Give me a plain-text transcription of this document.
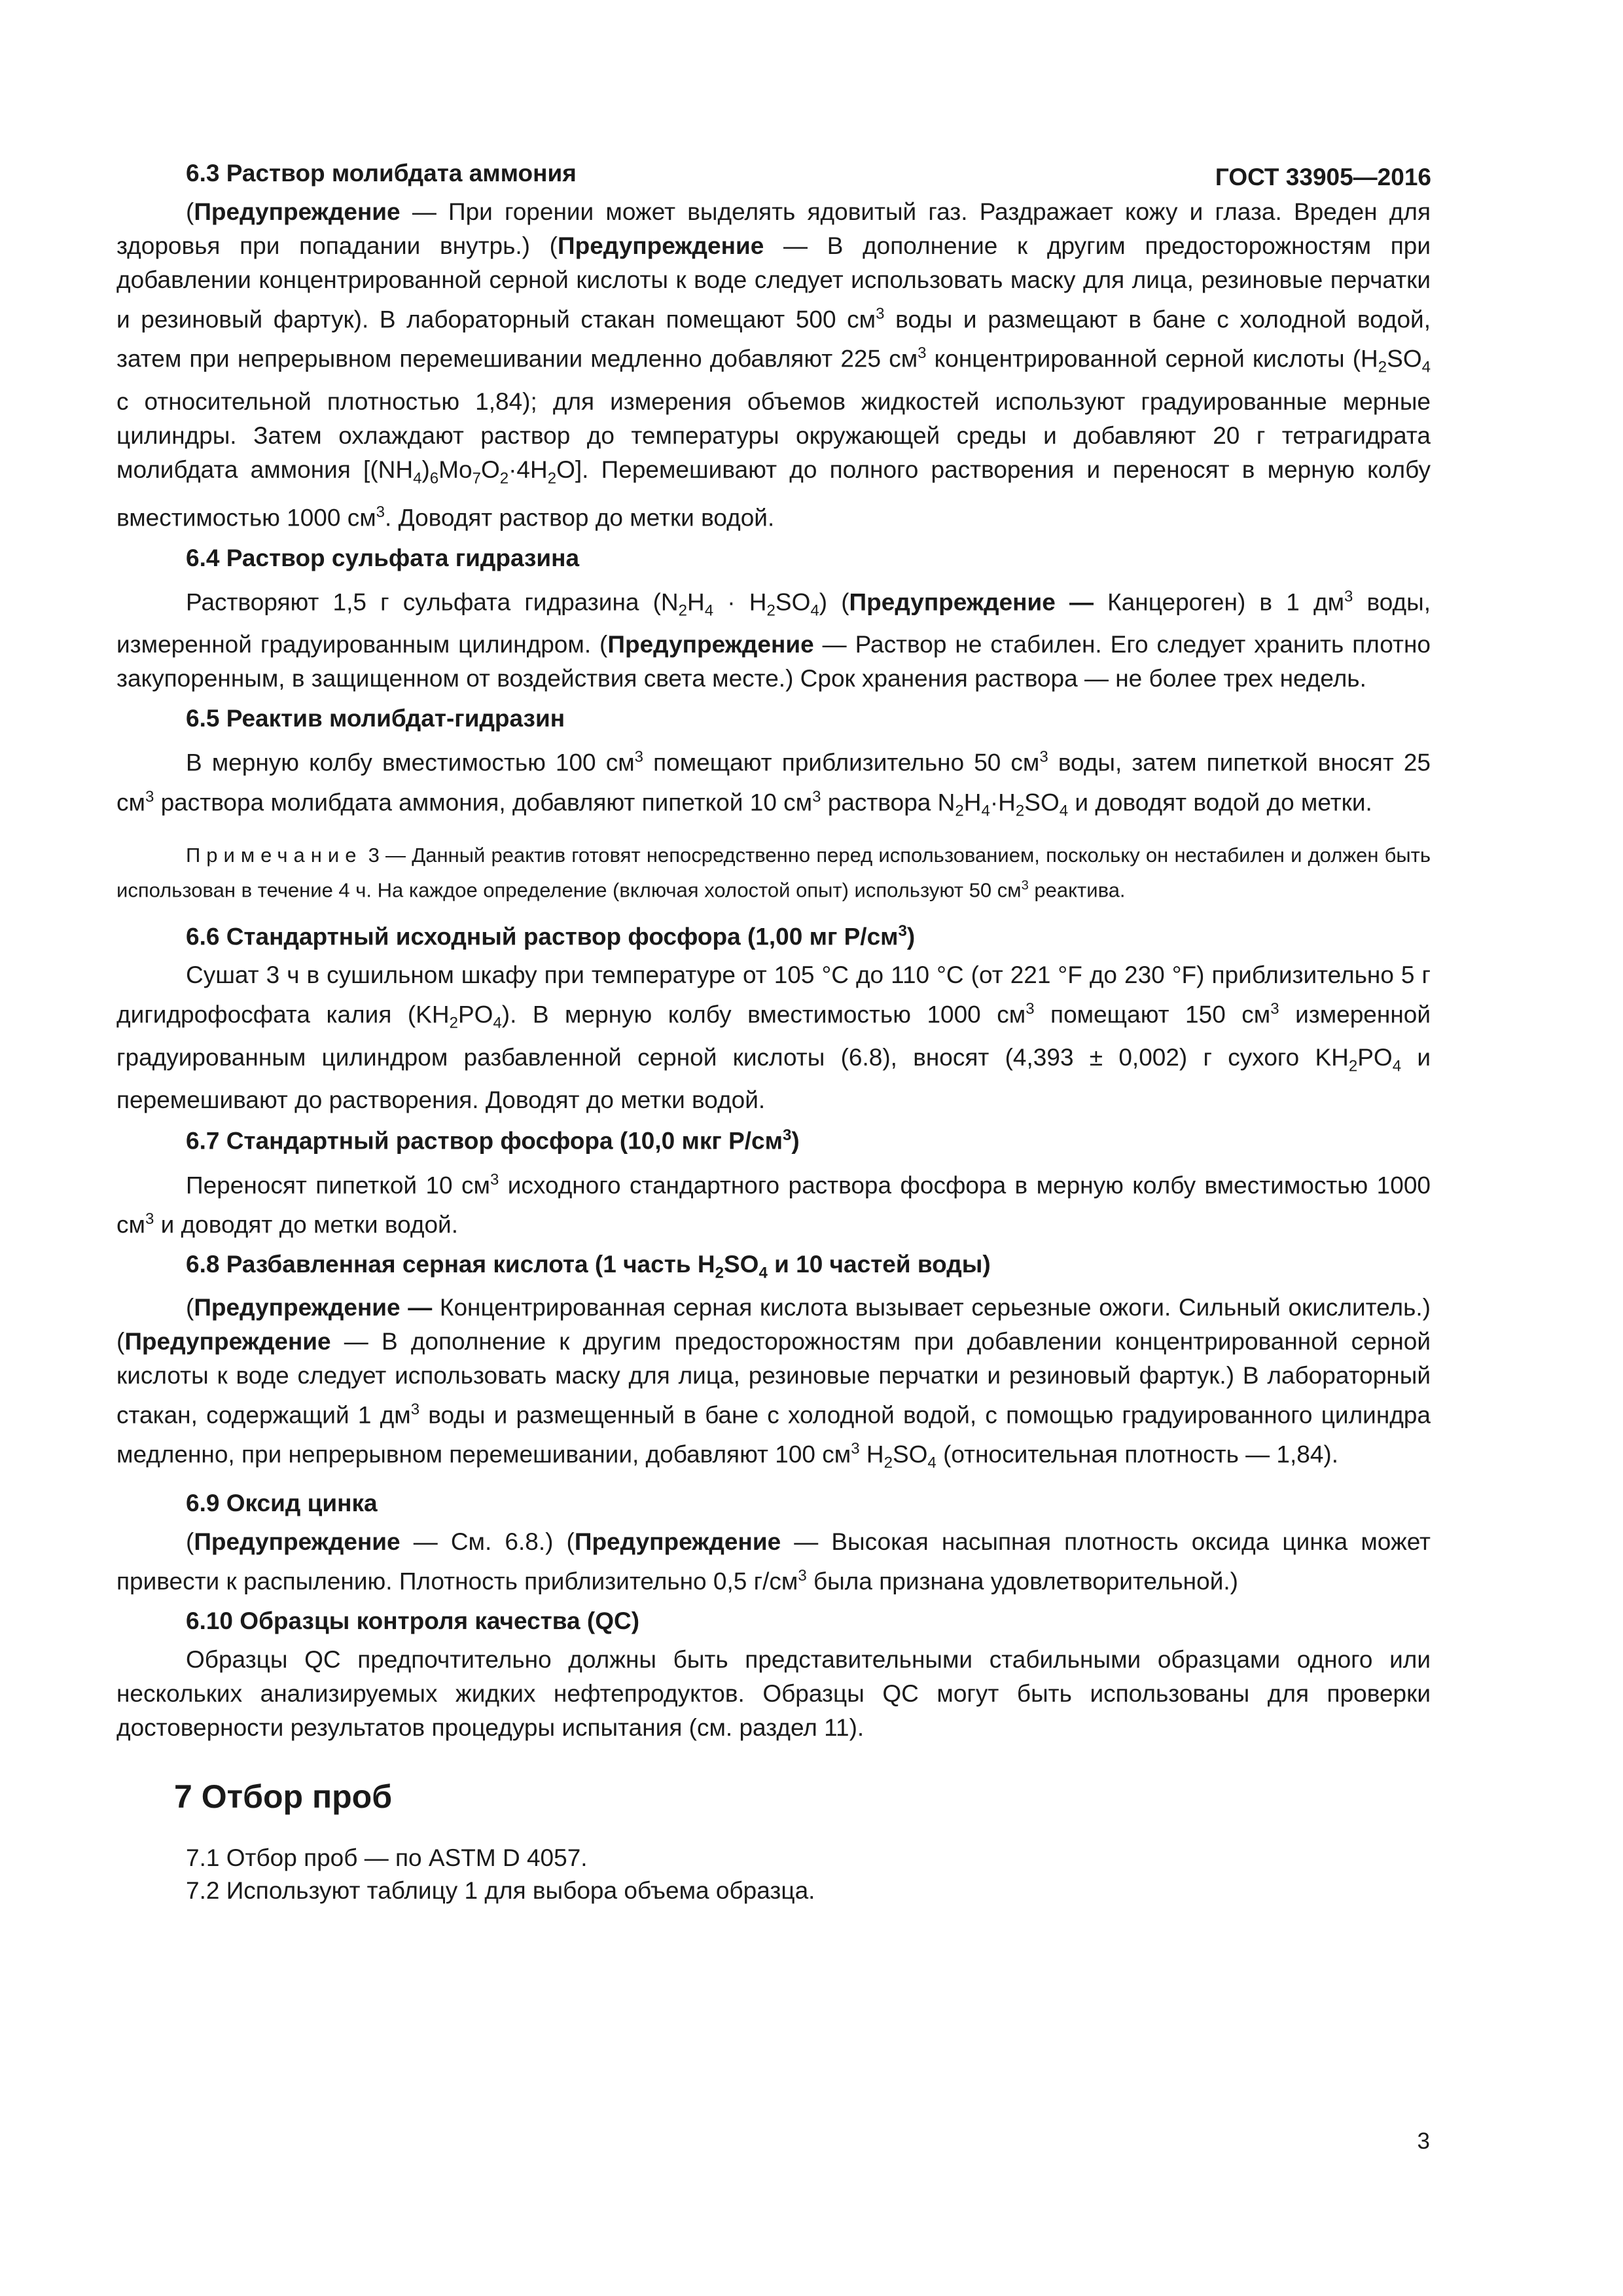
ГОСТ 33905—2016
6.3 Раствор молибдата аммония

(Предупреждение — При горении может выделять ядовитый газ. Раздражает кожу и глаза. Вреден для здоровья при попадании внутрь.) (Предупреждение — В дополнение к другим предосторожностям при добавлении концентрированной серной кислоты к воде следует использовать маску для лица, резиновые перчатки и резиновый фартук). В лабораторный стакан помещают 500 $см^3$ воды и размещают в бане с холодной водой, затем при непрерывном перемешивании медленно добавляют 225 $см^3$ концентрированной серной кислоты ($H_2SO_4$ с относительной плотностью 1,84); для измерения объемов жидкостей используют градуированные мерные цилиндры. Затем охлаждают раствор до температуры окружающей среды и добавляют 20 г тетрагидрата молибдата аммония $[(NH_4)_6Mo_7O_2\cdot 4H_2O]$. Перемешивают до полного растворения и переносят в мерную колбу вместимостью 1000 $см^3$. Доводят раствор до метки водой.

6.4 Раствор сульфата гидразина

Растворяют 1,5 г сульфата гидразина $(N_2H_4 \cdot H_2SO_4)$ (Предупреждение — Канцероген) в 1 $дм^3$ воды, измеренной градуированным цилиндром. (Предупреждение — Раствор не стабилен. Его следует хранить плотно закупоренным, в защищенном от воздействия света месте.) Срок хранения раствора — не более трех недель.

6.5 Реактив молибдат-гидразин

В мерную колбу вместимостью 100 $см^3$ помещают приблизительно 50 $см^3$ воды, затем пипеткой вносят 25 $см^3$ раствора молибдата аммония, добавляют пипеткой 10 $см^3$ раствора $N_2H_4\cdot H_2SO_4$ и доводят водой до метки.

Примечание 3 — Данный реактив готовят непосредственно перед использованием, поскольку он нестабилен и должен быть использован в течение 4 ч. На каждое определение (включая холостой опыт) используют 50 $см^3$ реактива.

6.6 Стандартный исходный раствор фосфора (1,00 мг $Р/см^3$)

Сушат 3 ч в сушильном шкафу при температуре от 105 °С до 110 °С (от 221 °F до 230 °F) приблизительно 5 г дигидрофосфата калия $(KH_2PO_4)$. В мерную колбу вместимостью 1000 $см^3$ помещают 150 $см^3$ измеренной градуированным цилиндром разбавленной серной кислоты (6.8), вносят (4,393 ± 0,002) г сухого $KH_2PO_4$ и перемешивают до растворения. Доводят до метки водой.

6.7 Стандартный раствор фосфора (10,0 мкг $Р/см^3$)

Переносят пипеткой 10 $см^3$ исходного стандартного раствора фосфора в мерную колбу вместимостью 1000 $см^3$ и доводят до метки водой.

6.8 Разбавленная серная кислота (1 часть $H_2SO_4$ и 10 частей воды)

(Предупреждение — Концентрированная серная кислота вызывает серьезные ожоги. Сильный окислитель.) (Предупреждение — В дополнение к другим предосторожностям при добавлении концентрированной серной кислоты к воде следует использовать маску для лица, резиновые перчатки и резиновый фартук.) В лабораторный стакан, содержащий 1 $дм^3$ воды и размещенный в бане с холодной водой, с помощью градуированного цилиндра медленно, при непрерывном перемешивании, добавляют 100 $см^3$ $H_2SO_4$ (относительная плотность — 1,84).

6.9 Оксид цинка

(Предупреждение — См. 6.8.) (Предупреждение — Высокая насыпная плотность оксида цинка может привести к распылению. Плотность приблизительно 0,5 $г/см^3$ была признана удовлетворительной.)

6.10 Образцы контроля качества (QC)

Образцы QC предпочтительно должны быть представительными стабильными образцами одного или нескольких анализируемых жидких нефтепродуктов. Образцы QC могут быть использованы для проверки достоверности результатов процедуры испытания (см. раздел 11).

7 Отбор проб
7.1 Отбор проб — по ASTM D 4057.
7.2 Используют таблицу 1 для выбора объема образца.
3
